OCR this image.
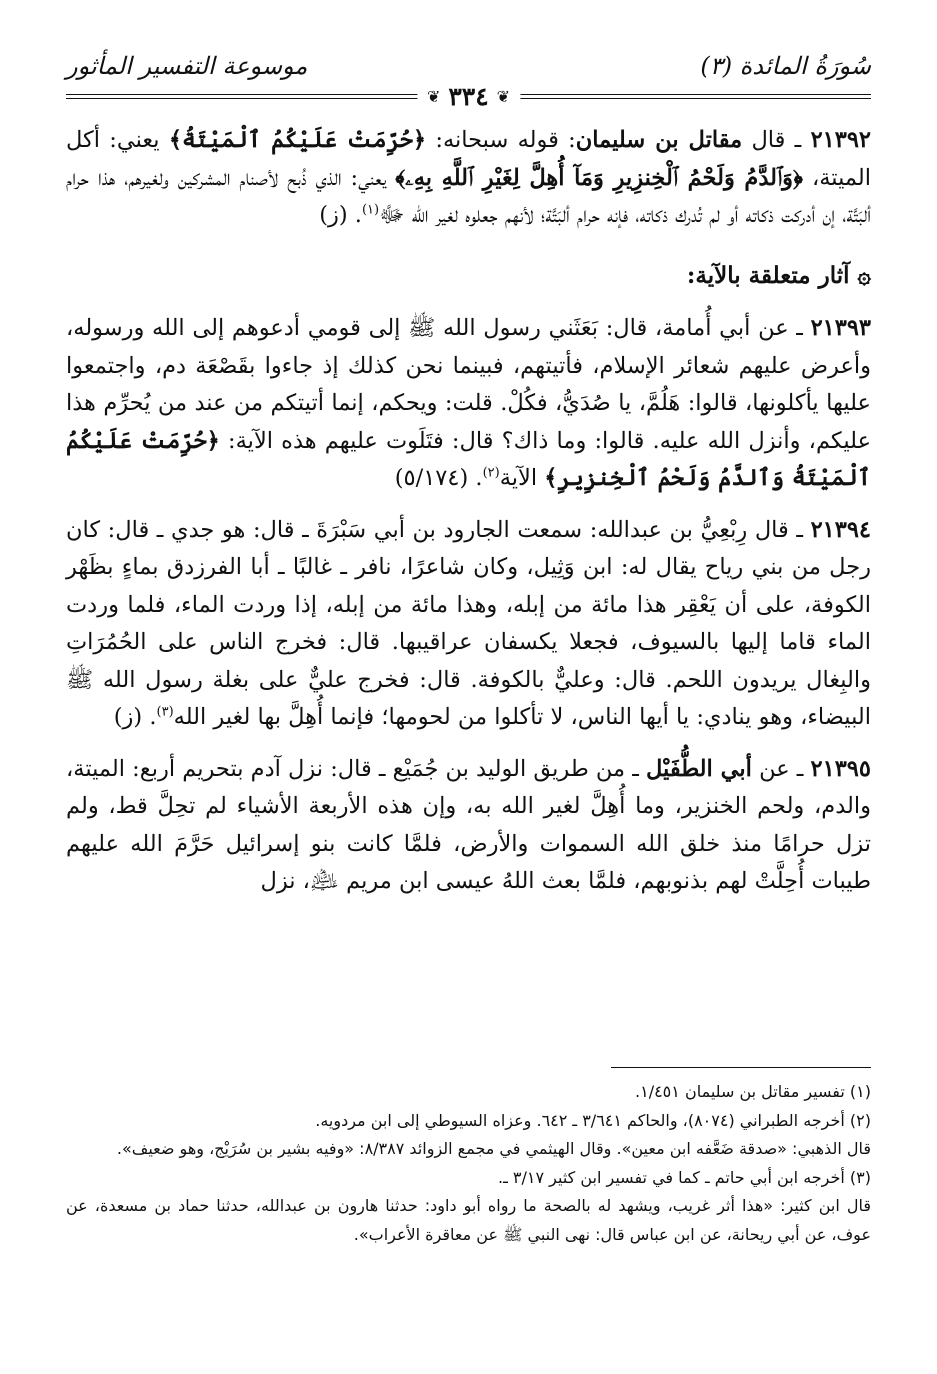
سُورَةُ المائدة (٣)
موسوعة التفسير المأثور
❦
٣٣٤
❦

٢١٣٩٢ ـ قال مقاتل بن سليمان: قوله سبحانه: ﴿حُرِّمَتْ عَلَيْكُمُ ٱلْمَيْتَةُ﴾ يعني: أكل الميتة، ﴿وَٱلدَّمُ وَلَحْمُ ٱلْخِنزِيرِ وَمَآ أُهِلَّ لِغَيْرِ ٱللَّهِ بِهِۦ﴾ يعني: الذي ذُبح لأصنام المشركين ولغيرهم، هذا حرام ألبَتَّة، إن أدركت ذكاته أو لم تُدرك ذكاته، فإنه حرام ألبَتَّة؛ لأنهم جعلوه لغير الله ﷻ$^{(١)}$. (ز)

۞ آثار متعلقة بالآية:

٢١٣٩٣ ـ عن أبي أُمامة، قال: بَعَثَني رسول الله ﷺ إلى قومي أدعوهم إلى الله ورسوله، وأعرض عليهم شعائر الإسلام، فأتيتهم، فبينما نحن كذلك إذ جاءوا بقَصْعَة دم، واجتمعوا عليها يأكلونها، قالوا: هَلُمَّ، يا صُدَيُّ، فكُلْ. قلت: ويحكم، إنما أتيتكم من عند من يُحرِّم هذا عليكم، وأنزل الله عليه. قالوا: وما ذاك؟ قال: فتَلَوت عليهم هذه الآية: ﴿حُرِّمَتْ عَلَيْكُمُ ٱلْمَيْتَةُ وَٱلدَّمُ وَلَحْمُ ٱلْخِنزِيرِ﴾ الآية$^{(٢)}$. (٥/١٧٤)

٢١٣٩٤ ـ قال رِبْعِيُّ بن عبدالله: سمعت الجارود بن أبي سَبْرَةَ ـ قال: هو جدي ـ قال: كان رجل من بني رياح يقال له: ابن وَثِيل، وكان شاعرًا، نافر ـ غالبًا ـ أبا الفرزدق بماءٍ بظَهْر الكوفة، على أن يَعْقِر هذا مائة من إبله، وهذا مائة من إبله، إذا وردت الماء، فلما وردت الماء قاما إليها بالسيوف، فجعلا يكسفان عراقيبها. قال: فخرج الناس على الحُمُرَاتِ والبِغال يريدون اللحم. قال: وعليٌّ بالكوفة. قال: فخرج عليٌّ على بغلة رسول الله ﷺ البيضاء، وهو ينادي: يا أيها الناس، لا تأكلوا من لحومها؛ فإنما أُهِلَّ بها لغير الله$^{(٣)}$. (ز)

٢١٣٩٥ ـ عن أبي الطُّفَيْل ـ من طريق الوليد بن جُمَيْع ـ قال: نزل آدم بتحريم أربع: الميتة، والدم، ولحم الخنزير، وما أُهِلَّ لغير الله به، وإن هذه الأربعة الأشياء لم تحِلَّ قط، ولم تزل حرامًا منذ خلق الله السموات والأرض، فلمَّا كانت بنو إسرائيل حَرَّمَ الله عليهم طيبات أُحِلَّتْ لهم بذنوبهم، فلمَّا بعث اللهُ عيسى ابن مريم ﵇، نزل

(١) تفسير مقاتل بن سليمان ١/٤٥١.

(٢) أخرجه الطبراني (٨٠٧٤)، والحاكم ٣/٦٤١ ـ ٦٤٢. وعزاه السيوطي إلى ابن مردويه.

قال الذهبي: «صدقة ضَعَّفه ابن معين». وقال الهيثمي في مجمع الزوائد ٨/٣٨٧: «وفيه بشير بن سُرَيْج، وهو ضعيف».

(٣) أخرجه ابن أبي حاتم ـ كما في تفسير ابن كثير ٣/١٧ ـ.

قال ابن كثير: «هذا أثر غريب، ويشهد له بالصحة ما رواه أبو داود: حدثنا هارون بن عبدالله، حدثنا حماد بن مسعدة، عن عوف، عن أبي ريحانة، عن ابن عباس قال: نهى النبي ﷺ عن معاقرة الأعراب».
